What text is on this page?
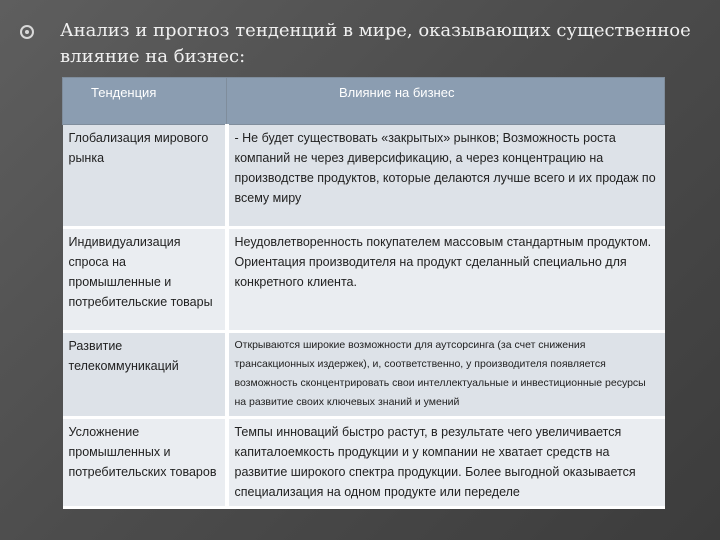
Анализ и прогноз тенденций в мире, оказывающих существенное влияние на бизнес:
Тенденция	Влияние на бизнес

Глобализация мирового рынка	- Не будет существовать «закрытых» рынков; Возможность роста компаний не через диверсификацию, а через концентрацию на производстве продуктов, которые делаются лучше всего и их продаж по всему миру
Индивидуализация спроса на промышленные и потребительские товары	Неудовлетворенность покупателем массовым стандартным продуктом. Ориентация производителя на продукт сделанный специально для конкретного клиента.
Развитие телекоммуникаций	Открываются широкие возможности для аутсорсинга (за счет снижения трансакционных издержек), и, соответственно, у производителя появляется возможность сконцентрировать свои интеллектуальные и инвестиционные ресурсы на развитие своих ключевых знаний и умений
Усложнение промышленных и потребительских товаров	Темпы инноваций быстро растут, в результате чего увеличивается капиталоемкость продукции и у компании не хватает средств на развитие широкого спектра продукции. Более выгодной оказывается специализация на одном продукте или переделе
